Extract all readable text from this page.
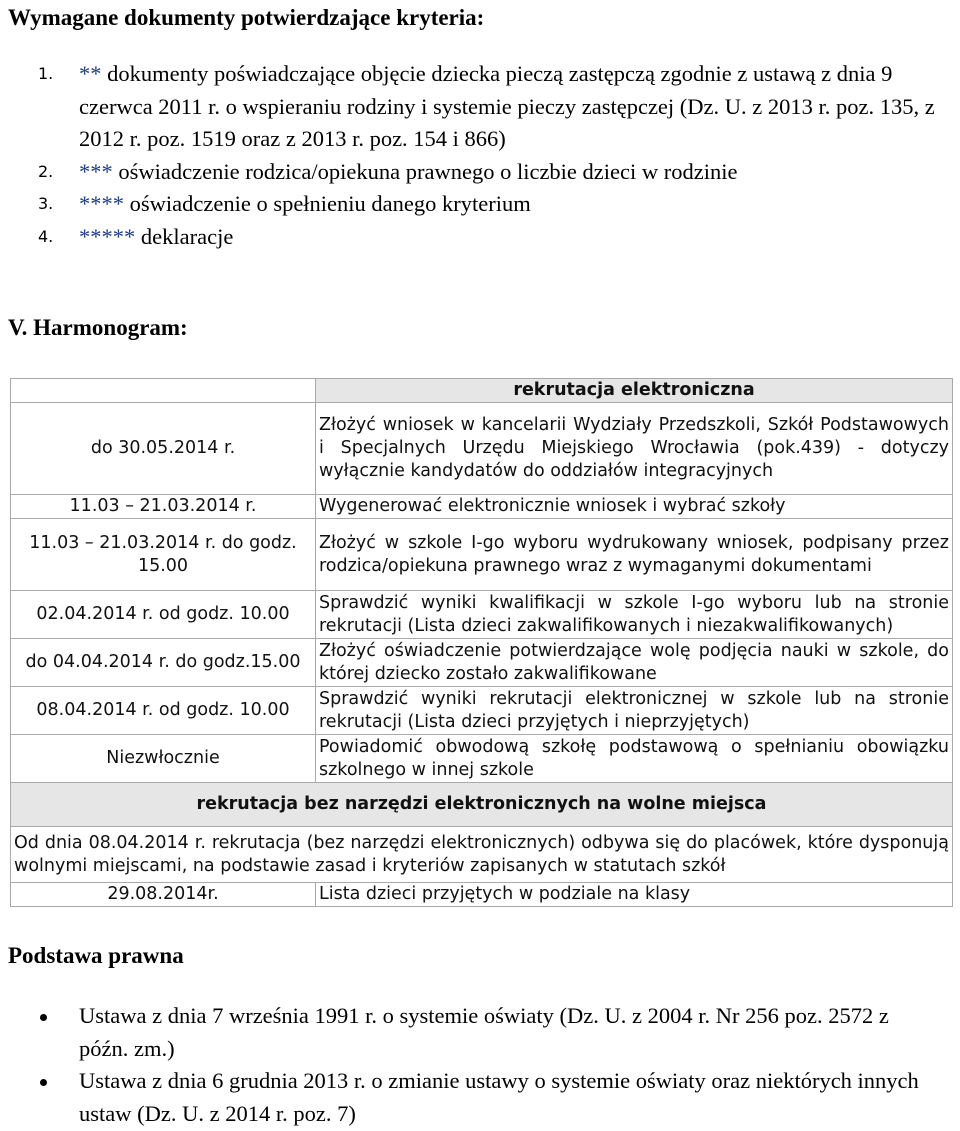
Wymagane dokumenty potwierdzające kryteria:
1.	** dokumenty poświadczające objęcie dziecka pieczą zastępczą zgodnie z ustawą z dnia 9 czerwca 2011 r. o wspieraniu rodziny i systemie pieczy zastępczej (Dz. U. z 2013 r. poz. 135, z 2012 r. poz. 1519 oraz z 2013 r. poz. 154 i 866)
2.	*** oświadczenie rodzica/opiekuna prawnego o liczbie dzieci w rodzinie
3.	**** oświadczenie o spełnieniu danego kryterium
4.	***** deklaracje
V. Harmonogram:
	rekrutacja elektroniczna
do 30.05.2014 r.	Złożyć wniosek w kancelarii Wydziały Przedszkoli, Szkół Podstawowych i Specjalnych Urzędu Miejskiego Wrocławia (pok.439) - dotyczy wyłącznie kandydatów do oddziałów integracyjnych
11.03 – 21.03.2014 r.	Wygenerować elektronicznie wniosek i wybrać szkoły
11.03 – 21.03.2014 r. do godz. 15.00	Złożyć w szkole I-go wyboru wydrukowany wniosek, podpisany przez rodzica/opiekuna prawnego wraz z wymaganymi dokumentami
02.04.2014 r. od godz. 10.00	Sprawdzić wyniki kwalifikacji w szkole I-go wyboru lub na stronie rekrutacji (Lista dzieci zakwalifikowanych i niezakwalifikowanych)
do 04.04.2014 r. do godz.15.00	Złożyć oświadczenie potwierdzające wolę podjęcia nauki w szkole, do której dziecko zostało zakwalifikowane
08.04.2014 r. od godz. 10.00	Sprawdzić wyniki rekrutacji elektronicznej w szkole lub na stronie rekrutacji (Lista dzieci przyjętych i nieprzyjętych)
Niezwłocznie	Powiadomić obwodową szkołę podstawową o spełnianiu obowiązku szkolnego w innej szkole
rekrutacja bez narzędzi elektronicznych na wolne miejsca	
Od dnia 08.04.2014 r. rekrutacja (bez narzędzi elektronicznych) odbywa się do placówek, które dysponują wolnymi miejscami, na podstawie zasad i kryteriów zapisanych w statutach szkół	
29.08.2014r.	Lista dzieci przyjętych w podziale na klasy
Podstawa prawna
Ustawa z dnia 7 września 1991 r. o systemie oświaty (Dz. U. z 2004 r. Nr 256 poz. 2572 z późn. zm.)
Ustawa z dnia 6 grudnia 2013 r. o zmianie ustawy o systemie oświaty oraz niektórych innych ustaw (Dz. U. z 2014 r. poz. 7)
